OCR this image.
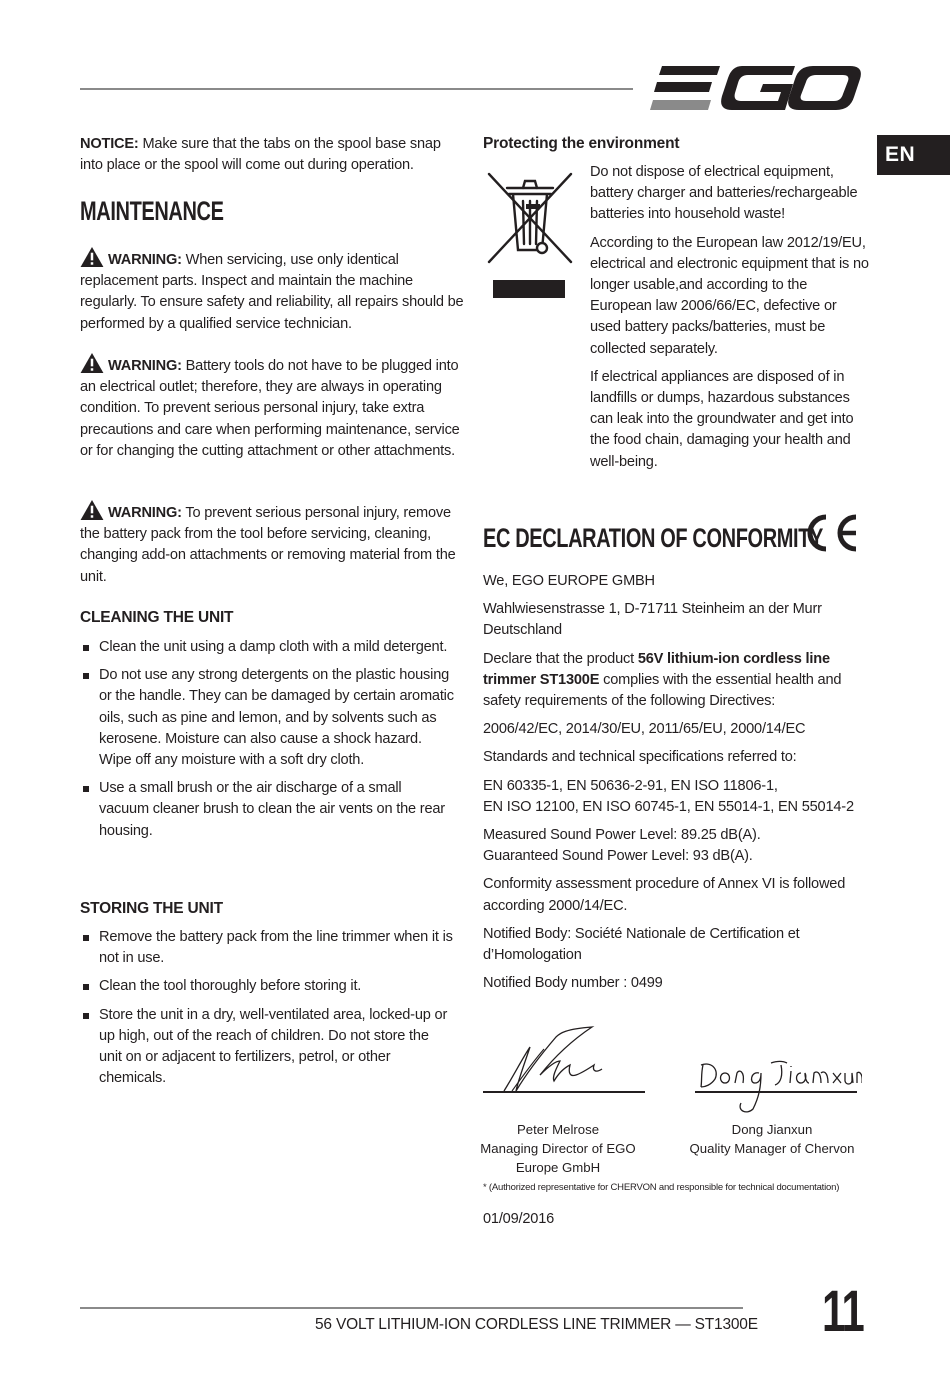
EN

NOTICE: Make sure that the tabs on the spool base snap into place or the spool will come out during operation.

MAINTENANCE

WARNING: When servicing, use only identical replacement parts. Inspect and maintain the machine regularly. To ensure safety and reliability, all repairs should be performed by a qualified service technician.

WARNING: Battery tools do not have to be plugged into an electrical outlet; therefore, they are always in operating condition. To prevent serious personal injury, take extra precautions and care when performing maintenance, service or for changing the cutting attachment or other attachments.

WARNING: To prevent serious personal injury, remove the battery pack from the tool before servicing, cleaning, changing add-on attachments or removing material from the unit.

CLEANING THE UNIT
Clean the unit using a damp cloth with a mild detergent.
Do not use any strong detergents on the plastic housing or the handle. They can be damaged by certain aromatic oils, such as pine and lemon, and by solvents such as kerosene. Moisture can also cause a shock hazard. Wipe off any moisture with a soft dry cloth.
Use a small brush or the air discharge of a small vacuum cleaner brush to clean the air vents on the rear housing.
STORING THE UNIT
Remove the battery pack from the line trimmer when it is not in use.
Clean the tool thoroughly before storing it.
Store the unit in a dry, well-ventilated area, locked-up or up high, out of the reach of children. Do not store the unit on or adjacent to fertilizers, petrol, or other chemicals.
Protecting the environment

Do not dispose of electrical equipment, battery charger and batteries/rechargeable batteries into household waste!

According to the European law 2012/19/EU, electrical and electronic equipment that is no longer usable,and according to the European law 2006/66/EC, defective or used battery packs/batteries, must be collected separately.

If electrical appliances are disposed of in landfills or dumps, hazardous substances can leak into the groundwater and get into the food chain, damaging your health and well-being.

EC DECLARATION OF CONFORMITY

We, EGO EUROPE GMBH

Wahlwiesenstrasse 1, D-71711 Steinheim an der Murr Deutschland

Declare that the product 56V lithium-ion cordless line trimmer ST1300E complies with the essential health and safety requirements of the following Directives:

2006/42/EC, 2014/30/EU, 2011/65/EU, 2000/14/EC

Standards and technical specifications referred to:

EN 60335-1, EN 50636-2-91, EN ISO 11806-1,

EN ISO 12100, EN ISO 60745-1, EN 55014-1, EN 55014-2

Measured Sound Power Level: 89.25 dB(A).

Guaranteed Sound Power Level: 93 dB(A).

Conformity assessment procedure of Annex VI is followed according 2000/14/EC.

Notified Body: Société Nationale de Certification et d’Homologation

Notified Body number : 0499

Peter Melrose
Managing Director of EGO
Europe GmbH
Dong Jianxun
Quality Manager of Chervon
* (Authorized representative for CHERVON and responsible for technical documentation)
01/09/2016
56 VOLT LITHIUM-ION CORDLESS LINE TRIMMER — ST1300E 11
